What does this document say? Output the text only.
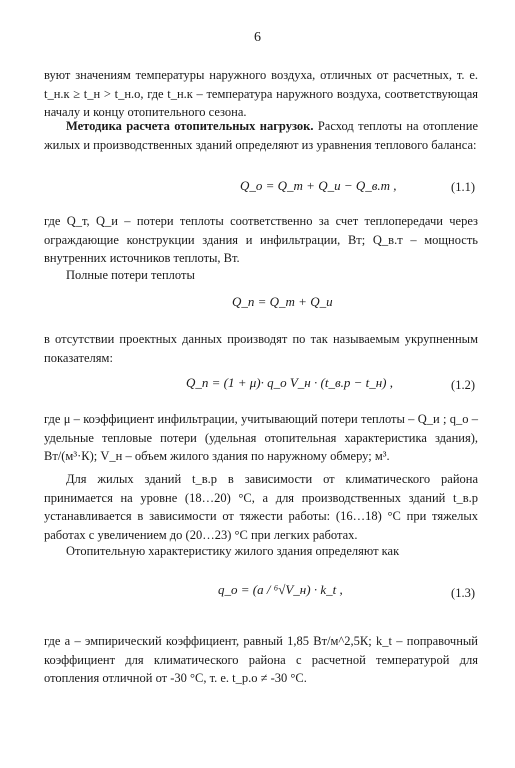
6
вуют значениям температуры наружного воздуха, отличных от расчетных, т. е. t_н.к ≥ t_н > t_н.о, где t_н.к – температура наружного воздуха, соответствующая началу и концу отопительного сезона.
Методика расчета отопительных нагрузок. Расход теплоты на отопление жилых и производственных зданий определяют из уравнения теплового баланса:
Q_о = Q_т + Q_и − Q_в.т ,	(1.1)
где Q_т, Q_и – потери теплоты соответственно за счет теплопередачи через ограждающие конструкции здания и инфильтрации, Вт; Q_в.т – мощность внутренних источников теплоты, Вт.
Полные потери теплоты
Q_п = Q_т + Q_и
в отсутствии проектных данных производят по так называемым укрупненным показателям:
Q_п = (1 + μ)· q_о V_н · (t_в.р − t_н) ,	(1.2)
где μ – коэффициент инфильтрации, учитывающий потери теплоты – Q_и ; q_о – удельные тепловые потери (удельная отопительная характеристика здания), Вт/(м³·К); V_н – объем жилого здания по наружному обмеру; м³.
Для жилых зданий t_в.р в зависимости от климатического района принимается на уровне (18…20) °С, а для производственных зданий t_в.р устанавливается в зависимости от тяжести работы: (16…18) °С при тяжелых работах с увеличением до (20…23) °С при легких работах.
Отопительную характеристику жилого здания определяют как
q_о = (a / ⁶√V_н) · k_t ,	(1.3)
где a – эмпирический коэффициент, равный 1,85 Вт/м^2,5К; k_t – поправочный коэффициент для климатического района с расчетной температурой для отопления отличной от -30 °С, т. е. t_р.о ≠ -30 °С.
